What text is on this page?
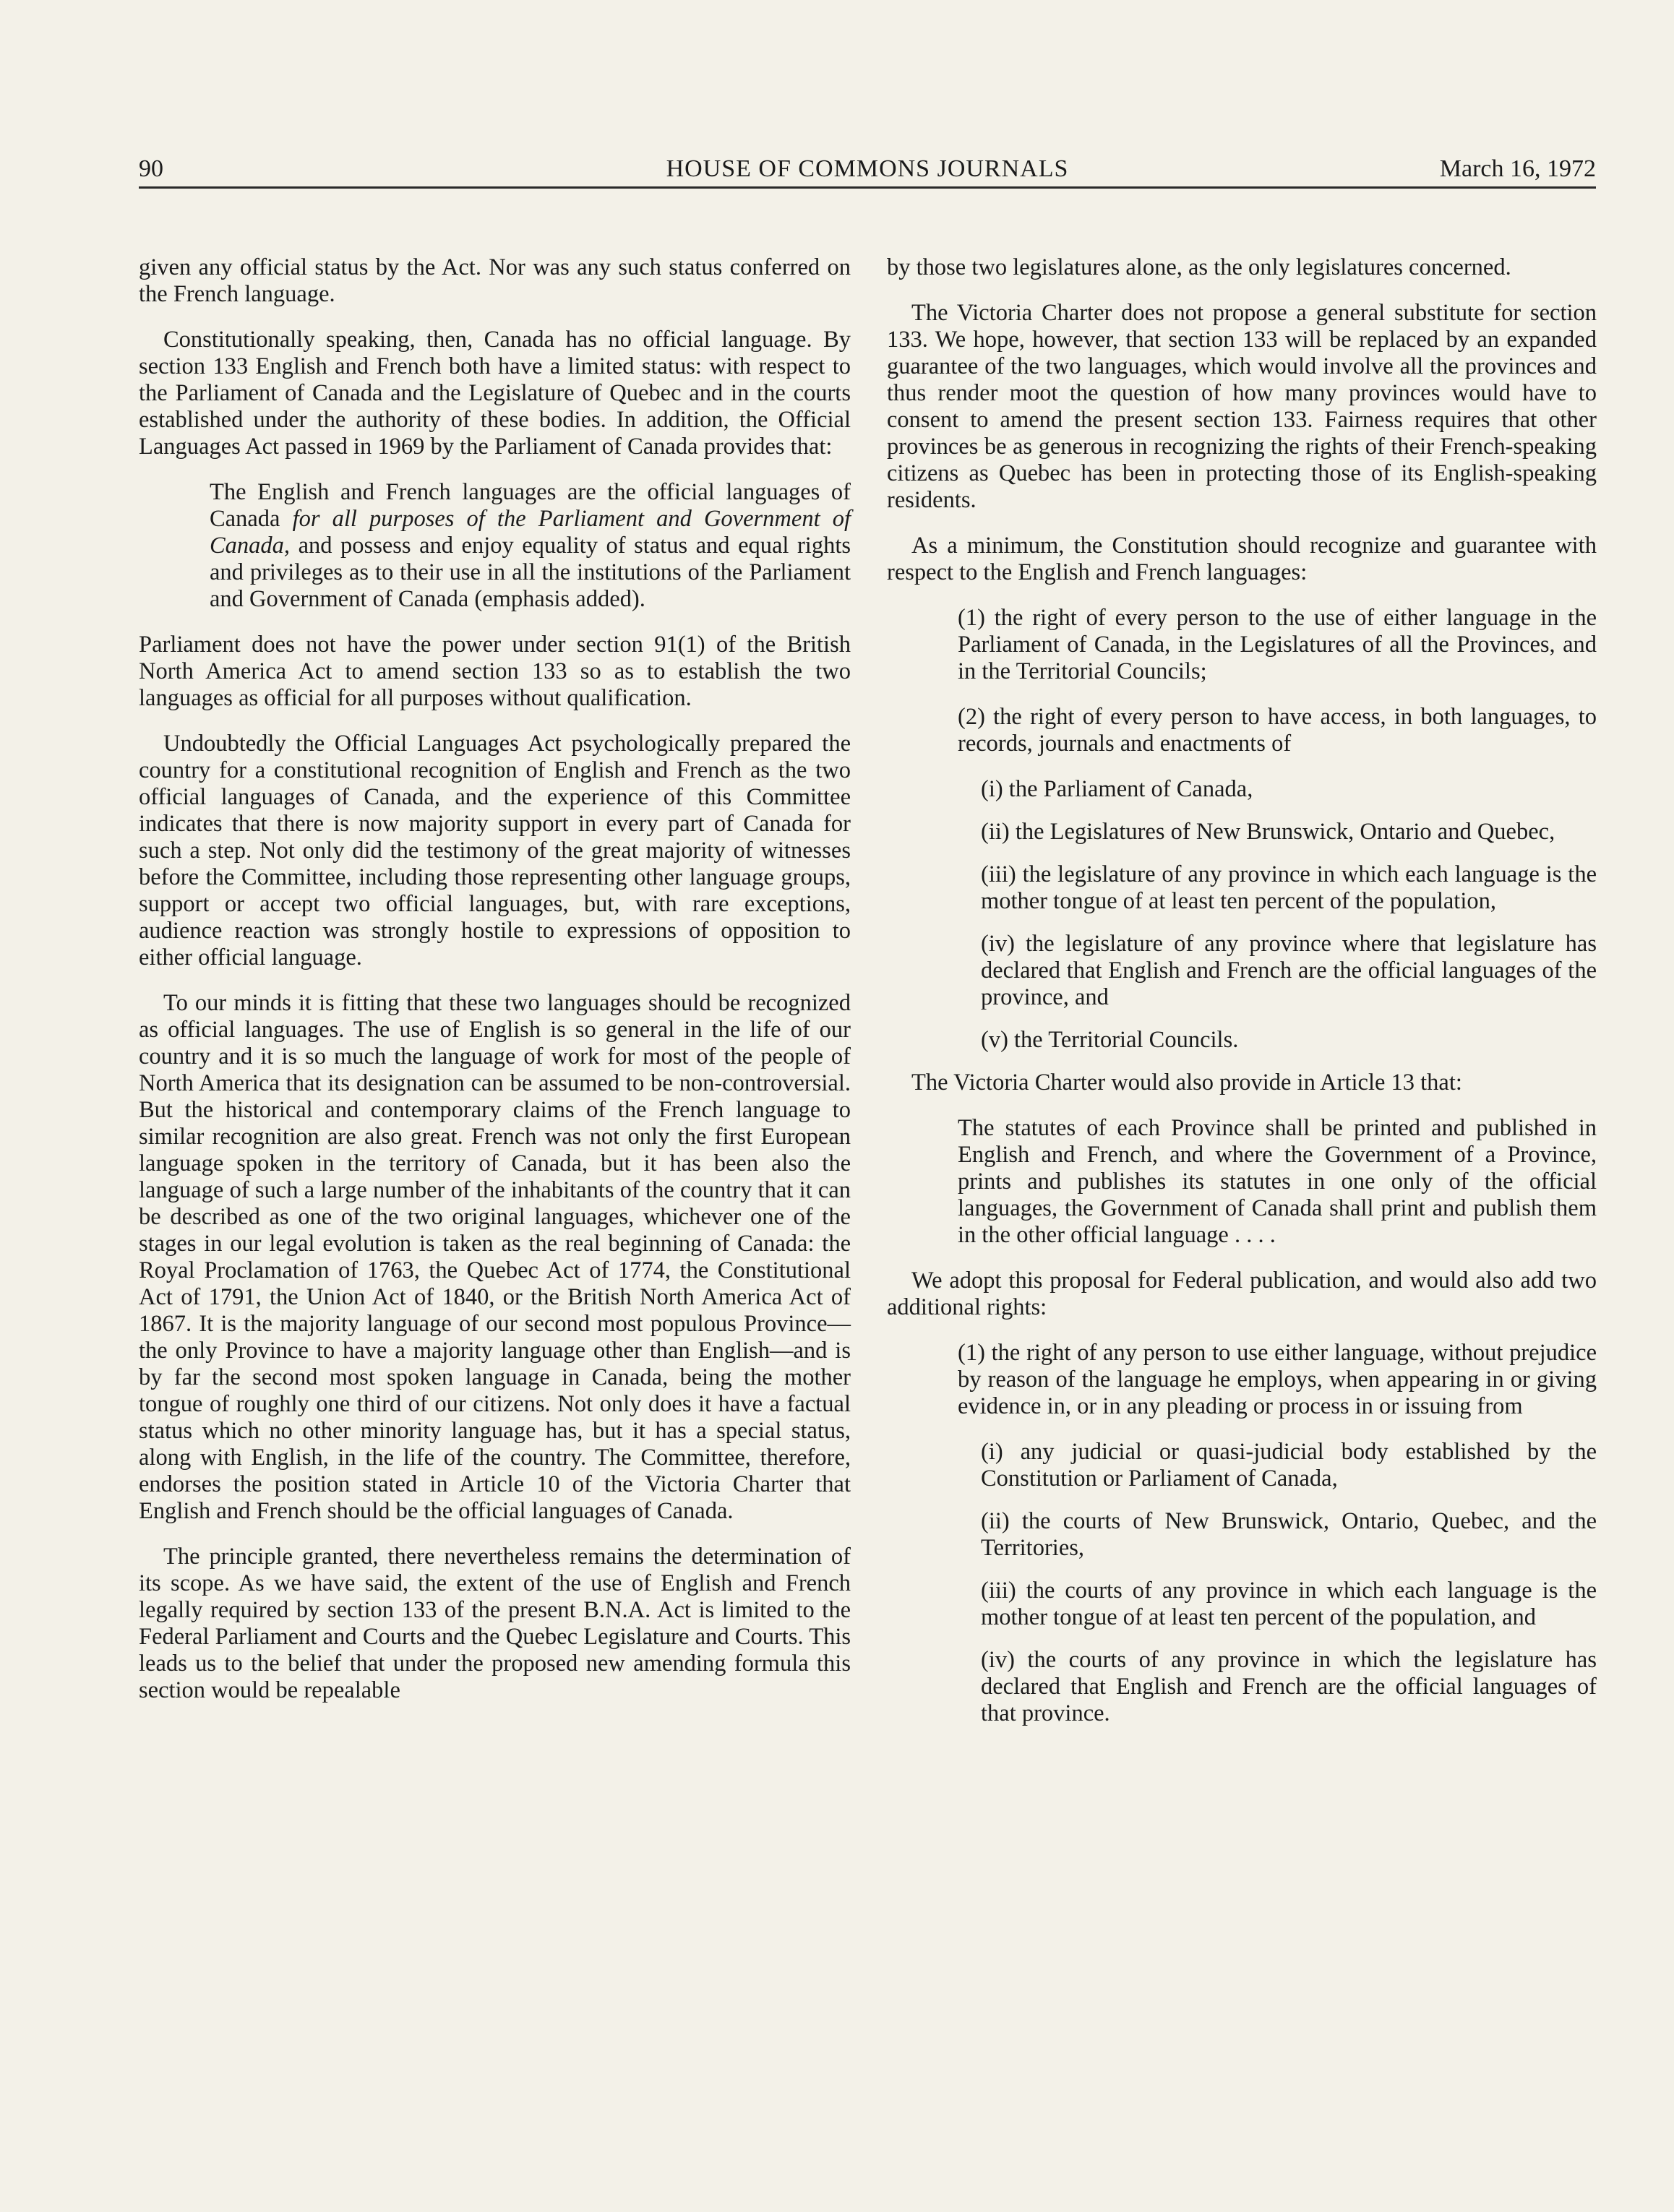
90	HOUSE OF COMMONS JOURNALS	March 16, 1972

given any official status by the Act. Nor was any such status conferred on the French language.

Constitutionally speaking, then, Canada has no official language. By section 133 English and French both have a limited status: with respect to the Parliament of Canada and the Legislature of Quebec and in the courts established under the authority of these bodies. In addition, the Official Languages Act passed in 1969 by the Parliament of Canada provides that:

The English and French languages are the official languages of Canada for all purposes of the Parliament and Government of Canada, and possess and enjoy equality of status and equal rights and privileges as to their use in all the institutions of the Parliament and Government of Canada (emphasis added).

Parliament does not have the power under section 91(1) of the British North America Act to amend section 133 so as to establish the two languages as official for all purposes without qualification.

Undoubtedly the Official Languages Act psychologically prepared the country for a constitutional recognition of English and French as the two official languages of Canada, and the experience of this Committee indicates that there is now majority support in every part of Canada for such a step. Not only did the testimony of the great majority of witnesses before the Committee, including those representing other language groups, support or accept two official languages, but, with rare exceptions, audience reaction was strongly hostile to expressions of opposition to either official language.

To our minds it is fitting that these two languages should be recognized as official languages. The use of English is so general in the life of our country and it is so much the language of work for most of the people of North America that its designation can be assumed to be non-controversial. But the historical and contemporary claims of the French language to similar recognition are also great. French was not only the first European language spoken in the territory of Canada, but it has been also the language of such a large number of the inhabitants of the country that it can be described as one of the two original languages, whichever one of the stages in our legal evolution is taken as the real beginning of Canada: the Royal Proclamation of 1763, the Quebec Act of 1774, the Constitutional Act of 1791, the Union Act of 1840, or the British North America Act of 1867. It is the majority language of our second most populous Province—the only Province to have a majority language other than English—and is by far the second most spoken language in Canada, being the mother tongue of roughly one third of our citizens. Not only does it have a factual status which no other minority language has, but it has a special status, along with English, in the life of the country. The Committee, therefore, endorses the position stated in Article 10 of the Victoria Charter that English and French should be the official languages of Canada.

The principle granted, there nevertheless remains the determination of its scope. As we have said, the extent of the use of English and French legally required by section 133 of the present B.N.A. Act is limited to the Federal Parliament and Courts and the Quebec Legislature and Courts. This leads us to the belief that under the proposed new amending formula this section would be repealable

by those two legislatures alone, as the only legislatures concerned.

The Victoria Charter does not propose a general substitute for section 133. We hope, however, that section 133 will be replaced by an expanded guarantee of the two languages, which would involve all the provinces and thus render moot the question of how many provinces would have to consent to amend the present section 133. Fairness requires that other provinces be as generous in recognizing the rights of their French-speaking citizens as Quebec has been in protecting those of its English-speaking residents.

As a minimum, the Constitution should recognize and guarantee with respect to the English and French languages:

(1) the right of every person to the use of either language in the Parliament of Canada, in the Legislatures of all the Provinces, and in the Territorial Councils;
(2) the right of every person to have access, in both languages, to records, journals and enactments of
(i) the Parliament of Canada,
(ii) the Legislatures of New Brunswick, Ontario and Quebec,
(iii) the legislature of any province in which each language is the mother tongue of at least ten percent of the population,
(iv) the legislature of any province where that legislature has declared that English and French are the official languages of the province, and
(v) the Territorial Councils.

The Victoria Charter would also provide in Article 13 that:

The statutes of each Province shall be printed and published in English and French, and where the Government of a Province, prints and publishes its statutes in one only of the official languages, the Government of Canada shall print and publish them in the other official language . . . .

We adopt this proposal for Federal publication, and would also add two additional rights:

(1) the right of any person to use either language, without prejudice by reason of the language he employs, when appearing in or giving evidence in, or in any pleading or process in or issuing from
(i) any judicial or quasi-judicial body established by the Constitution or Parliament of Canada,
(ii) the courts of New Brunswick, Ontario, Quebec, and the Territories,
(iii) the courts of any province in which each language is the mother tongue of at least ten percent of the population, and
(iv) the courts of any province in which the legislature has declared that English and French are the official languages of that province.
